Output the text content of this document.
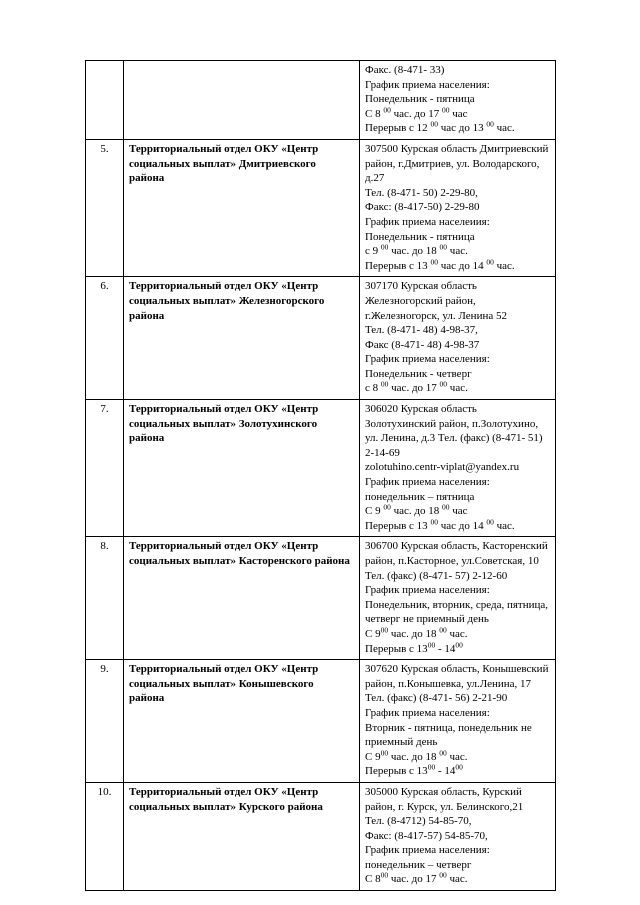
		Факс. (8-471- 33)
График приема населения:
Понедельник - пятница
С 8 $^{00}$ час. до 17 $^{00}$ час
Перерыв с 12 $^{00}$ час до 13 $^{00}$ час.

5.	Территориальный отдел ОКУ «Центр социальных выплат» Дмитриевского района	
307500 Курская область Дмитриевский
район, г.Дмитриев, ул. Володарского,
д.27
Тел. (8-471- 50) 2-29-80,
Факс: (8-417-50) 2-29-80
График приема населеиия:
Понедельник - пятница
с 9 $^{00}$ час. до 18 $^{00}$ час.
Перерыв с 13 $^{00}$ час до 14 $^{00}$ час.

6.	Территориальный отдел ОКУ «Центр социальных выплат» Железногорского района	
307170 Курская область
Железногорский район,
г.Железногорск, ул. Ленина 52
Тел. (8-471- 48) 4-98-37,
Факс (8-471- 48) 4-98-37
График приема населения:
Понедельник - четверг
с 8 $^{00}$ час. до 17 $^{00}$ час.

7.	Территориальный отдел ОКУ «Центр социальных выплат» Золотухинского района	
306020 Курская область
Золотухинский район, п.Золотухино,
ул. Ленина, д.3 Тел. (факс) (8-471- 51)
2-14-69
zolotuhino.centr-viplat@yandex.ru
График приема населения:
понедельник – пятница
С 9 $^{00}$ час. до 18 $^{00}$ час
Перерыв с 13 $^{00}$ час до 14 $^{00}$ час.

8.	Территориальный отдел ОКУ «Центр социальных выплат» Касторенского района	
306700 Курская область, Касторенский
район, п.Касторное, ул.Советская, 10
Тел. (факс) (8-471- 57) 2-12-60
График приема населения:
Понедельник, вторник, среда, пятница,
четверг не приемный день
С $9^{00}$ час. до 18 $^{00}$ час.
Перерыв с $13^{00} - 14^{00}$

9.	Территориальный отдел ОКУ «Центр социальных выплат» Конышевского района	
307620 Курская область, Конышевский
район, п.Конышевка, ул.Ленина, 17
Тел. (факс) (8-471- 56) 2-21-90
График приема населения:
Вторник - пятница, понедельник не
приемный день
С $9^{00}$ час. до 18 $^{00}$ час.
Перерыв с $13^{00} - 14^{00}$

10.	Территориальный отдел ОКУ «Центр социальных выплат» Курского района	
305000 Курская область, Курский
район, г. Курск, ул. Белинского,21
Тел. (8-4712) 54-85-70,
Факс: (8-417-57) 54-85-70,
График приема населения:
понедельник – четверг
С $8^{00}$ час. до 17 $^{00}$ час.
